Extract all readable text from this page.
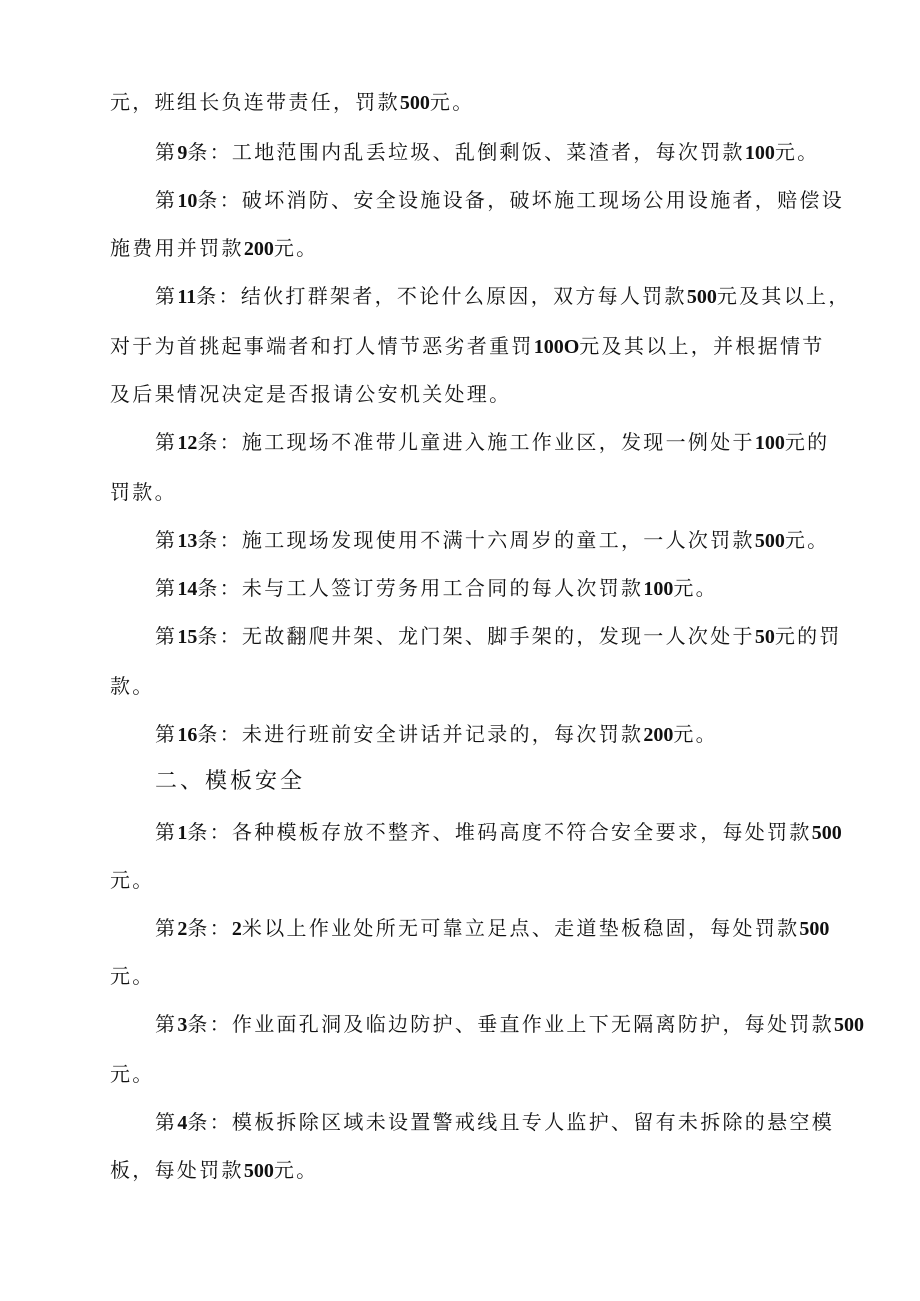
元，班组长负连带责任，罚款500元。

第9条：工地范围内乱丢垃圾、乱倒剩饭、菜渣者，每次罚款100元。

第10条：破坏消防、安全设施设备，破坏施工现场公用设施者，赔偿设

施费用并罚款200元。

第11条：结伙打群架者，不论什么原因，双方每人罚款500元及其以上，

对于为首挑起事端者和打人情节恶劣者重罚100O元及其以上，并根据情节

及后果情况决定是否报请公安机关处理。

第12条：施工现场不准带儿童进入施工作业区，发现一例处于100元的

罚款。

第13条：施工现场发现使用不满十六周岁的童工，一人次罚款500元。

第14条：未与工人签订劳务用工合同的每人次罚款100元。

第15条：无故翻爬井架、龙门架、脚手架的，发现一人次处于50元的罚

款。

第16条：未进行班前安全讲话并记录的，每次罚款200元。

二、模板安全

第1条：各种模板存放不整齐、堆码高度不符合安全要求，每处罚款500

元。

第2条：2米以上作业处所无可靠立足点、走道垫板稳固，每处罚款500

元。

第3条：作业面孔洞及临边防护、垂直作业上下无隔离防护，每处罚款500

元。

第4条：模板拆除区域未设置警戒线且专人监护、留有未拆除的悬空模

板，每处罚款500元。
